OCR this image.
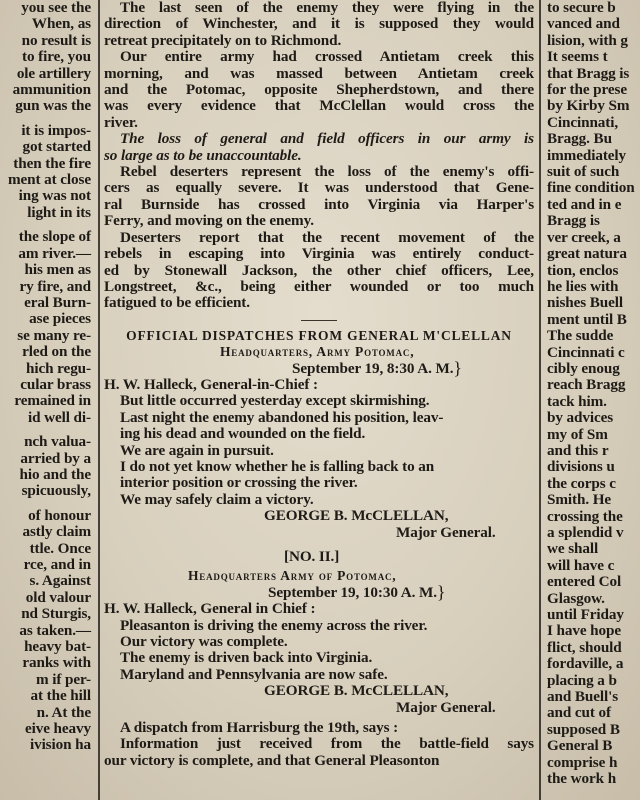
you see the
When, as
no result is
to fire, you
ole artillery
ammunition
gun was the
it is impos-
got started
then the fire
ment at close
ing was not
light in its
the slope of
am river.—
his men as
ry fire, and
eral Burn-
ase pieces
se many re-
rled on the
hich regu-
cular brass
remained in
id well di-
nch valua-
arried by a
hio and the
spicuously,
of honour
astly claim
ttle. Once
rce, and in
s. Against
old valour
nd Sturgis,
as taken.—
heavy bat-
ranks with
m if per-
at the hill
n. At the
eive heavy
ivision ha
The last seen of the enemy they were flying in the
direction of Winchester, and it is supposed they would
retreat precipitately on to Richmond.
Our entire army had crossed Antietam creek this
morning, and was massed between Antietam creek
and the Potomac, opposite Shepherdstown, and there
was every evidence that McClellan would cross the
river.
The loss of general and field officers in our army is
so large as to be unaccountable.
Rebel deserters represent the loss of the enemy's offi-
cers as equally severe. It was understood that Gene-
ral Burnside has crossed into Virginia via Harper's
Ferry, and moving on the enemy.
Deserters report that the recent movement of the
rebels in escaping into Virginia was entirely conduct-
ed by Stonewall Jackson, the other chief officers, Lee,
Longstreet, &c., being either wounded or too much
fatigued to be efficient.
OFFICIAL DISPATCHES FROM GENERAL M'CLELLAN
Headquarters, Army Potomac,
September 19, 8:30 A. M.}
H. W. Halleck, General-in-Chief :
But little occurred yesterday except skirmishing.
Last night the enemy abandoned his position, leav-
ing his dead and wounded on the field.
We are again in pursuit.
I do not yet know whether he is falling back to an
interior position or crossing the river.
We may safely claim a victory.
GEORGE B. McCLELLAN,
Major General.
[NO. II.]
Headquarters Army of Potomac,
September 19, 10:30 A. M.}
H. W. Halleck, General in Chief :
Pleasanton is driving the enemy across the river.
Our victory was complete.
The enemy is driven back into Virginia.
Maryland and Pennsylvania are now safe.
GEORGE B. McCLELLAN,
Major General.
A dispatch from Harrisburg the 19th, says :
Information just received from the battle-field says
our victory is complete, and that General Pleasonton
to secure b
vanced and
lision, with g
It seems t
that Bragg is
for the prese
by Kirby Sm
Cincinnati,
Bragg. Bu
immediately
suit of such
fine condition
ted and in e
Bragg is
ver creek, a
great natura
tion, enclos
he lies with
nishes Buell
ment until B
The sudde
Cincinnati c
cibly enoug
reach Bragg
tack him.
by advices
my of Sm
and this r
divisions u
the corps c
Smith. He
crossing the
a splendid v
we shall
will have c
entered Col
Glasgow.
until Friday
I have hope
flict, should
fordaville, a
placing a b
and Buell's
and cut of
supposed B
General B
comprise h
the work h
